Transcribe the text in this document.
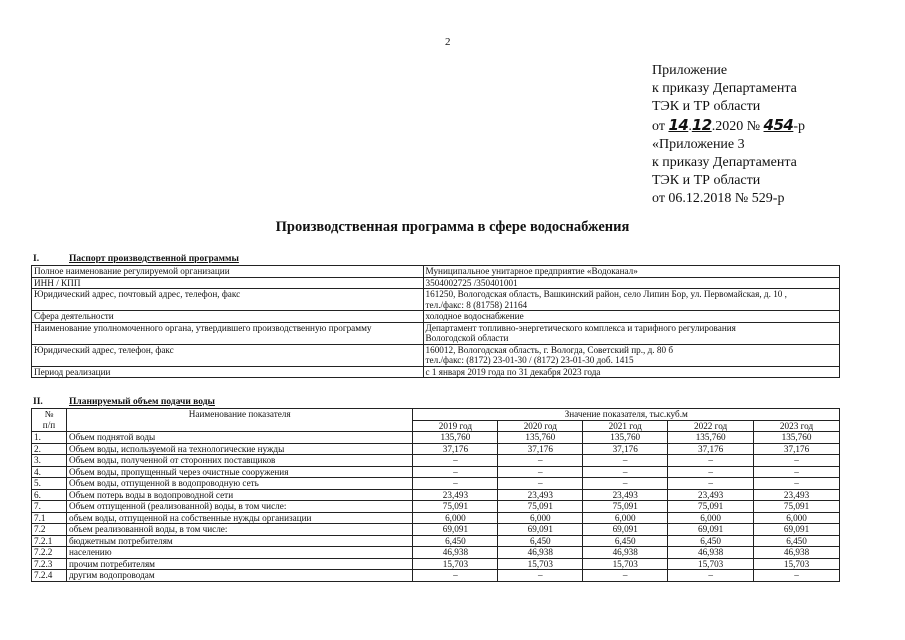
2
Приложение
к приказу Департамента
ТЭК и ТР области
от 14.12.2020 № 454-р
«Приложение 3
к приказу Департамента
ТЭК и ТР области
от 06.12.2018 № 529-р
Производственная программа в сфере водоснабжения
I.	Паспорт производственной программы
Полное наименование регулируемой организации	Муниципальное унитарное предприятие «Водоканал»

ИНН / КПП	3504002725 /350401001

Юридический адрес, почтовый адрес, телефон, факс	161250, Вологодская область, Вашкинский район, село Липин Бор, ул. Первомайская, д. 10 ,
тел./факс: 8 (81758) 21164

Сфера деятельности	холодное водоснабжение

Наименование уполномоченного органа, утвердившего производственную программу	Департамент топливно-энергетического комплекса и тарифного регулирования
Вологодской области

Юридический адрес, телефон, факс	160012, Вологодская область, г. Вологда, Советский пр., д. 80 б
тел./факс: (8172) 23-01-30 / (8172) 23-01-30 доб. 1415

Период реализации	с 1 января 2019 года по 31 декабря 2023 года
II.	Планируемый объем подачи воды
№
п/п	Наименование показателя	Значение показателя, тыс.куб.м				
		2019 год	2020 год	2021 год	2022 год	2023 год
1.	Объем поднятой воды	135,760	135,760	135,760	135,760	135,760
2.	Объем воды, используемой на технологические нужды	37,176	37,176	37,176	37,176	37,176
3.	Объем воды, полученной от сторонних поставщиков	–	–	–	–	–
4.	Объем воды, пропущенный через очистные сооружения	–	–	–	–	–
5.	Объем воды, отпущенной в водопроводную сеть	–	–	–	–	–
6.	Объем потерь воды в водопроводной сети	23,493	23,493	23,493	23,493	23,493
7.	Объем отпущенной (реализованной) воды, в том числе:	75,091	75,091	75,091	75,091	75,091
7.1	объем воды, отпущенной на собственные нужды организации	6,000	6,000	6,000	6,000	6,000
7.2	объем реализованной воды, в том числе:	69,091	69,091	69,091	69,091	69,091
7.2.1	бюджетным потребителям	6,450	6,450	6,450	6,450	6,450
7.2.2	населению	46,938	46,938	46,938	46,938	46,938
7.2.3	прочим потребителям	15,703	15,703	15,703	15,703	15,703
7.2.4	другим водопроводам	–	–	–	–	–
